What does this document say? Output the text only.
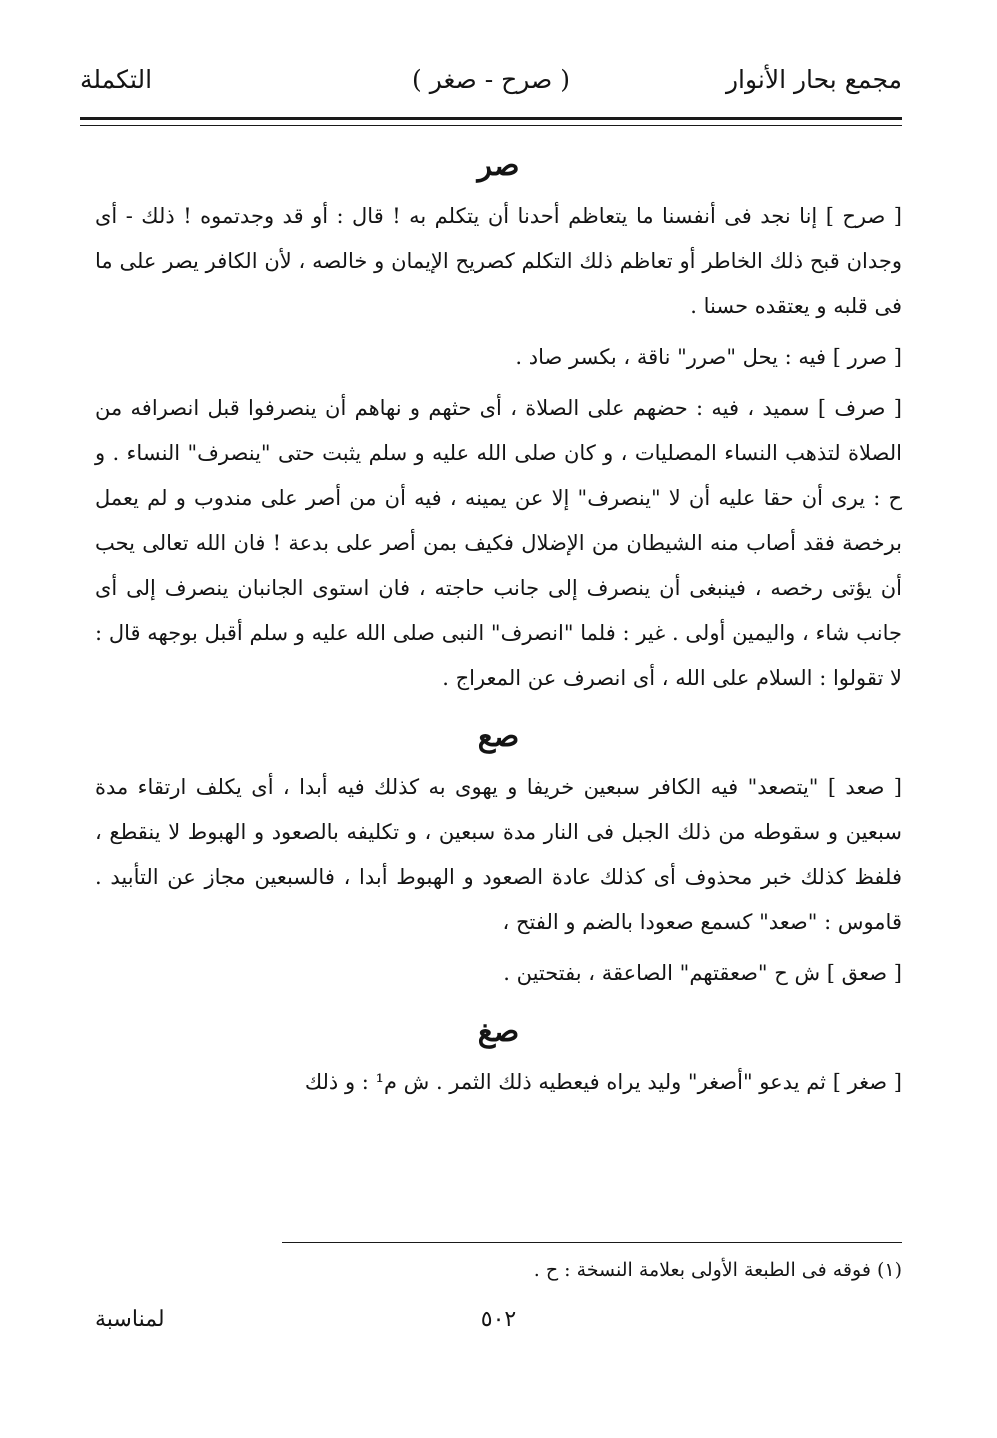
مجمع بحار الأنوار
( صرح - صغر )
التكملة
صر

[ صرح ] إنا نجد فى أنفسنا ما يتعاظم أحدنا أن يتكلم به ! قال : أو قد وجدتموه ! ذلك - أى وجدان قبح ذلك الخاطر أو تعاظم ذلك التكلم كصريح الإيمان و خالصه ، لأن الكافر يصر على ما فى قلبه و يعتقده حسنا .

[ صرر ] فيه : يحل "صرر" ناقة ، بكسر صاد .

[ صرف ] سميد ، فيه : حضهم على الصلاة ، أى حثهم و نهاهم أن ينصرفوا قبل انصرافه من الصلاة لتذهب النساء المصليات ، و كان صلى الله عليه و سلم يثبت حتى "ينصرف" النساء . و ح : يرى أن حقا عليه أن لا "ينصرف" إلا عن يمينه ، فيه أن من أصر على مندوب و لم يعمل برخصة فقد أصاب منه الشيطان من الإضلال فكيف بمن أصر على بدعة ! فان الله تعالى يحب أن يؤتى رخصه ، فينبغى أن ينصرف إلى جانب حاجته ، فان استوى الجانبان ينصرف إلى أى جانب شاء ، واليمين أولى . غير : فلما "انصرف" النبى صلى الله عليه و سلم أقبل بوجهه قال : لا تقولوا : السلام على الله ، أى انصرف عن المعراج .

صع

[ صعد ] "يتصعد" فيه الكافر سبعين خريفا و يهوى به كذلك فيه أبدا ، أى يكلف ارتقاء مدة سبعين و سقوطه من ذلك الجبل فى النار مدة سبعين ، و تكليفه بالصعود و الهبوط لا ينقطع ، فلفظ كذلك خبر محذوف أى كذلك عادة الصعود و الهبوط أبدا ، فالسبعين مجاز عن التأبيد . قاموس : "صعد" كسمع صعودا بالضم و الفتح ،

[ صعق ] ش ح "صعقتهم" الصاعقة ، بفتحتين .

صغ

[ صغر ] ثم يدعو "أصغر" وليد يراه فيعطيه ذلك الثمر . ش م¹ : و ذلك

(١) فوقه فى الطبعة الأولى بعلامة النسخة : ح .
٥٠٢
لمناسبة
